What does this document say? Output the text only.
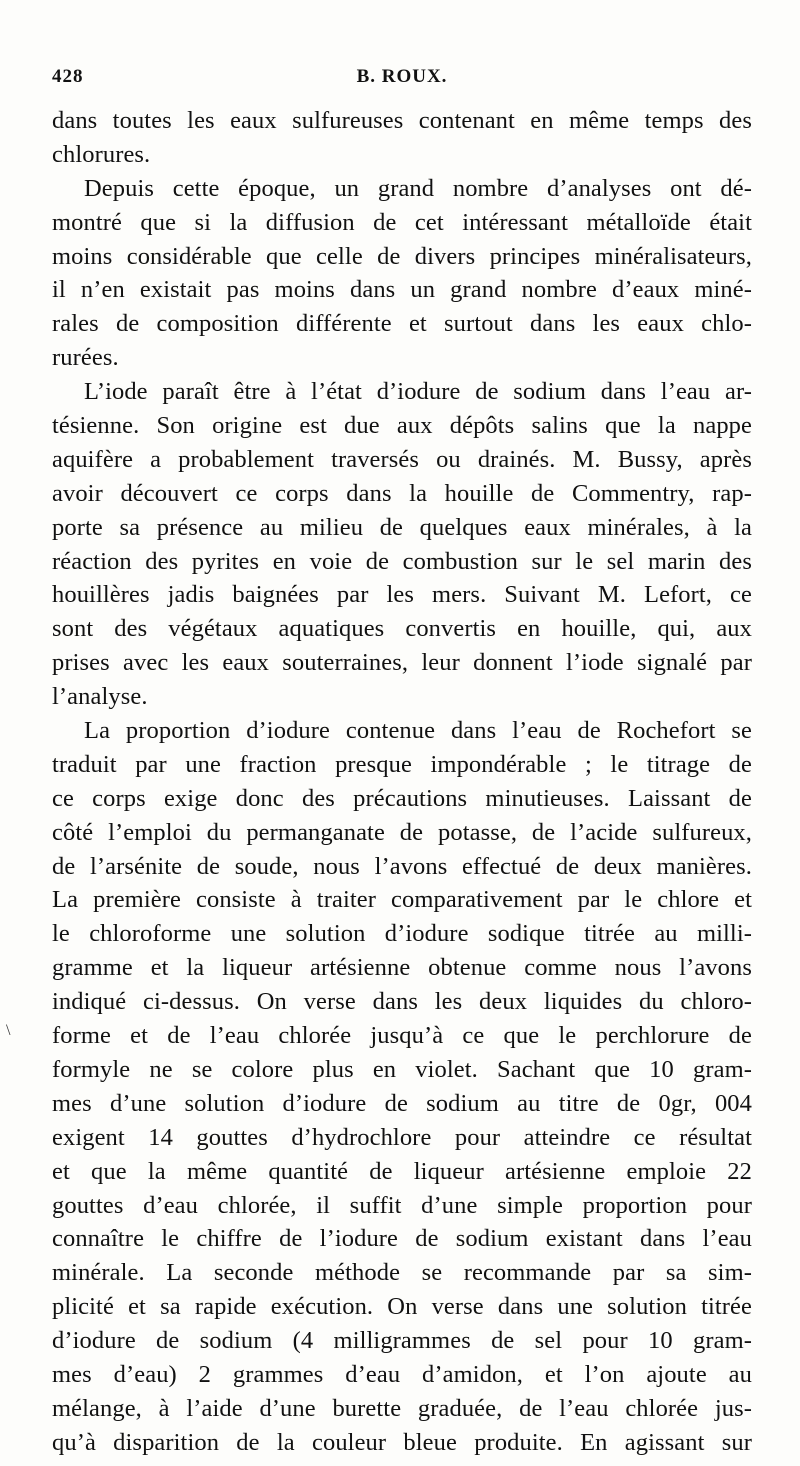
428	B. ROUX.
\
dans toutes les eaux sulfureuses contenant en même temps des
chlorures.
Depuis cette époque, un grand nombre d’analyses ont dé-
montré que si la diffusion de cet intéressant métalloïde était
moins considérable que celle de divers principes minéralisateurs,
il n’en existait pas moins dans un grand nombre d’eaux miné-
rales de composition différente et surtout dans les eaux chlo-
rurées.
L’iode paraît être à l’état d’iodure de sodium dans l’eau ar-
tésienne. Son origine est due aux dépôts salins que la nappe
aquifère a probablement traversés ou drainés. M. Bussy, après
avoir découvert ce corps dans la houille de Commentry, rap-
porte sa présence au milieu de quelques eaux minérales, à la
réaction des pyrites en voie de combustion sur le sel marin des
houillères jadis baignées par les mers. Suivant M. Lefort, ce
sont des végétaux aquatiques convertis en houille, qui, aux
prises avec les eaux souterraines, leur donnent l’iode signalé par
l’analyse.
La proportion d’iodure contenue dans l’eau de Rochefort se
traduit par une fraction presque impondérable ; le titrage de
ce corps exige donc des précautions minutieuses. Laissant de
côté l’emploi du permanganate de potasse, de l’acide sulfureux,
de l’arsénite de soude, nous l’avons effectué de deux manières.
La première consiste à traiter comparativement par le chlore et
le chloroforme une solution d’iodure sodique titrée au milli-
gramme et la liqueur artésienne obtenue comme nous l’avons
indiqué ci-dessus. On verse dans les deux liquides du chloro-
forme et de l’eau chlorée jusqu’à ce que le perchlorure de
formyle ne se colore plus en violet. Sachant que 10 gram-
mes d’une solution d’iodure de sodium au titre de 0gr, 004
exigent 14 gouttes d’hydrochlore pour atteindre ce résultat
et que la même quantité de liqueur artésienne emploie 22
gouttes d’eau chlorée, il suffit d’une simple proportion pour
connaître le chiffre de l’iodure de sodium existant dans l’eau
minérale. La seconde méthode se recommande par sa sim-
plicité et sa rapide exécution. On verse dans une solution titrée
d’iodure de sodium (4 milligrammes de sel pour 10 gram-
mes d’eau) 2 grammes d’eau d’amidon, et l’on ajoute au
mélange, à l’aide d’une burette graduée, de l’eau chlorée jus-
qu’à disparition de la couleur bleue produite. En agissant sur
